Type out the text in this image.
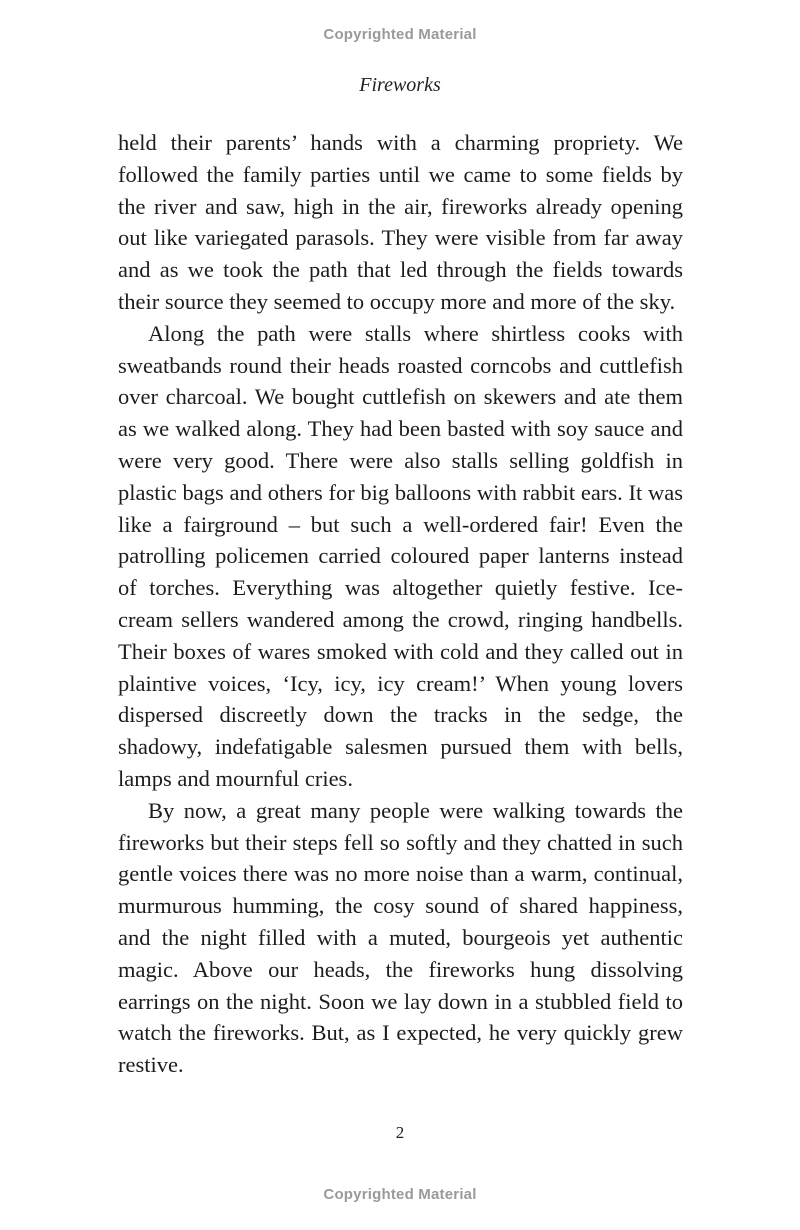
Copyrighted Material
Fireworks

held their parents’ hands with a charming propriety. We followed the family parties until we came to some fields by the river and saw, high in the air, fireworks already opening out like variegated parasols. They were visible from far away and as we took the path that led through the fields towards their source they seemed to occupy more and more of the sky.

Along the path were stalls where shirtless cooks with sweatbands round their heads roasted corncobs and cuttlefish over charcoal. We bought cuttlefish on skewers and ate them as we walked along. They had been basted with soy sauce and were very good. There were also stalls selling goldfish in plastic bags and others for big balloons with rabbit ears. It was like a fairground – but such a well-ordered fair! Even the patrolling policemen carried coloured paper lanterns instead of torches. Everything was altogether quietly festive. Ice-cream sellers wandered among the crowd, ringing handbells. Their boxes of wares smoked with cold and they called out in plaintive voices, ‘Icy, icy, icy cream!’ When young lovers dispersed discreetly down the tracks in the sedge, the shadowy, indefatigable salesmen pursued them with bells, lamps and mournful cries.

By now, a great many people were walking towards the fireworks but their steps fell so softly and they chatted in such gentle voices there was no more noise than a warm, continual, murmurous humming, the cosy sound of shared happiness, and the night filled with a muted, bourgeois yet authentic magic. Above our heads, the fireworks hung dissolving earrings on the night. Soon we lay down in a stubbled field to watch the fireworks. But, as I expected, he very quickly grew restive.

2
Copyrighted Material
